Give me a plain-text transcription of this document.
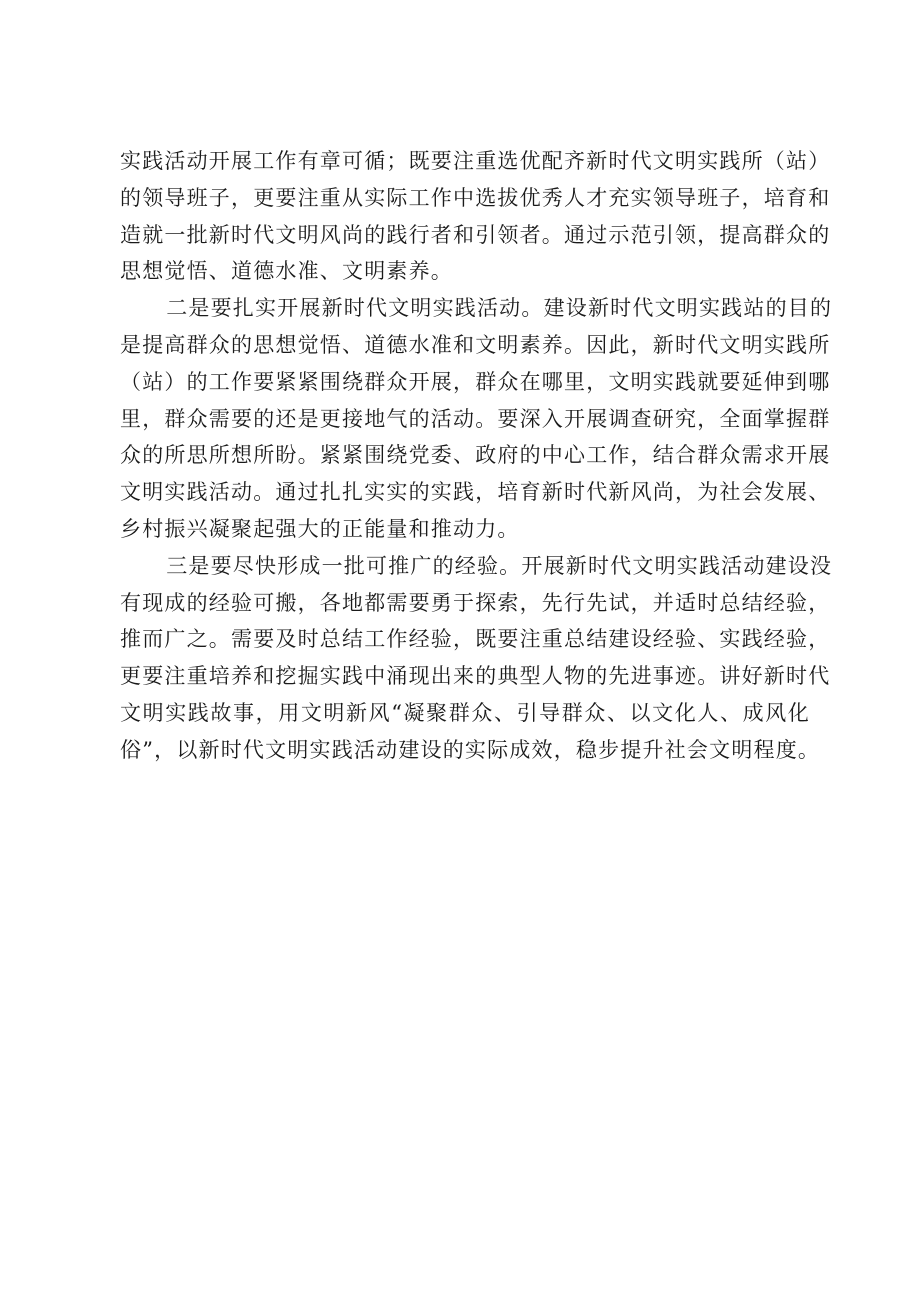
实践活动开展工作有章可循；既要注重选优配齐新时代文明实践所（站）
的领导班子，更要注重从实际工作中选拔优秀人才充实领导班子，培育和
造就一批新时代文明风尚的践行者和引领者。通过示范引领，提高群众的
思想觉悟、道德水准、文明素养。

二是要扎实开展新时代文明实践活动。建设新时代文明实践站的目的
是提高群众的思想觉悟、道德水准和文明素养。因此，新时代文明实践所
（站）的工作要紧紧围绕群众开展，群众在哪里，文明实践就要延伸到哪
里，群众需要的还是更接地气的活动。要深入开展调查研究，全面掌握群
众的所思所想所盼。紧紧围绕党委、政府的中心工作，结合群众需求开展
文明实践活动。通过扎扎实实的实践，培育新时代新风尚，为社会发展、
乡村振兴凝聚起强大的正能量和推动力。

三是要尽快形成一批可推广的经验。开展新时代文明实践活动建设没
有现成的经验可搬，各地都需要勇于探索，先行先试，并适时总结经验，
推而广之。需要及时总结工作经验，既要注重总结建设经验、实践经验，
更要注重培养和挖掘实践中涌现出来的典型人物的先进事迹。讲好新时代
文明实践故事，用文明新风“凝聚群众、引导群众、以文化人、成风化
俗”，以新时代文明实践活动建设的实际成效，稳步提升社会文明程度。
